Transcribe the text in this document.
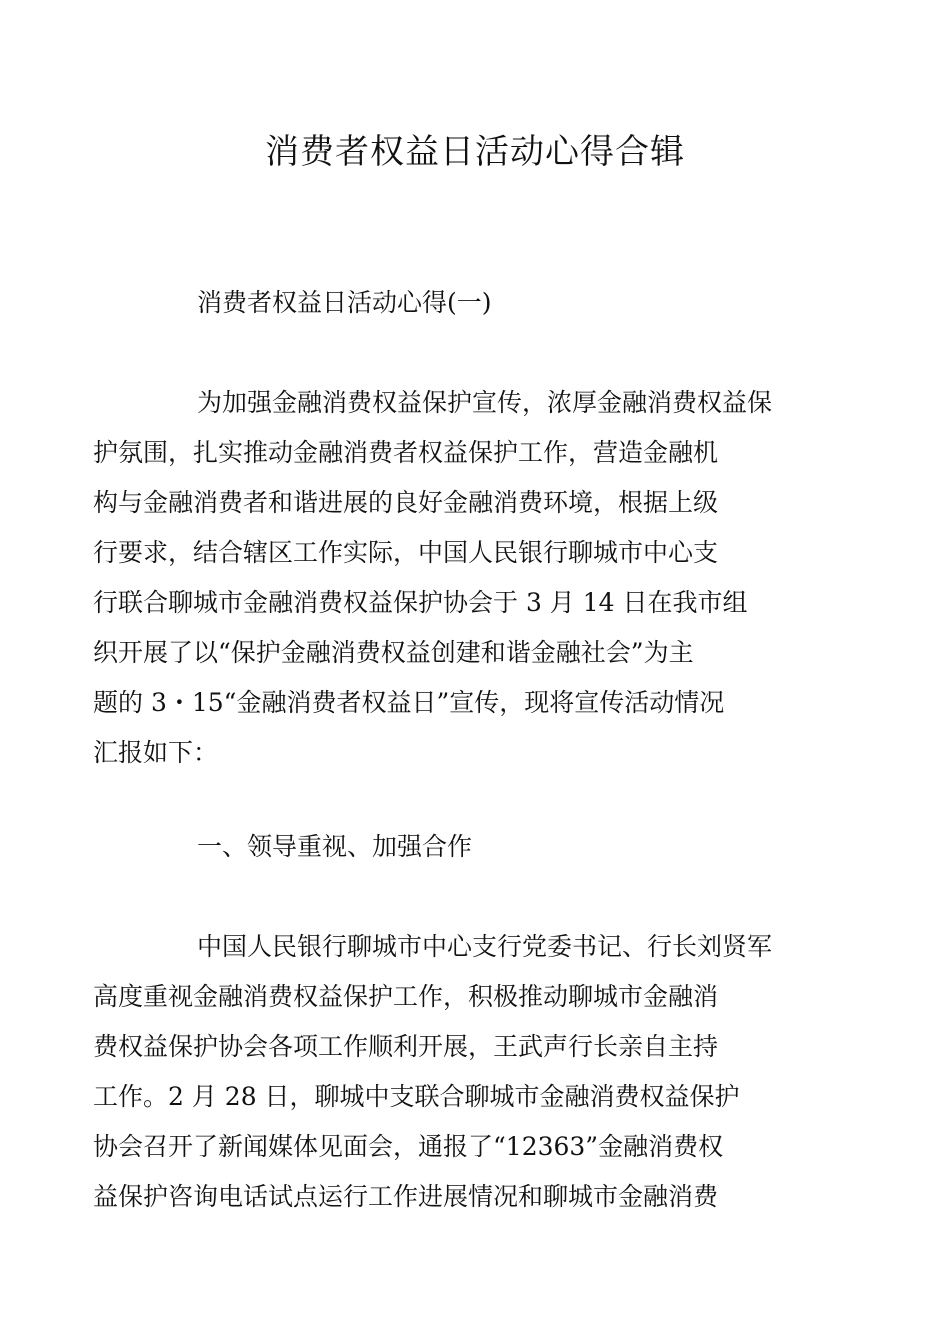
消费者权益日活动心得合辑
消费者权益日活动心得(一)
为加强金融消费权益保护宣传，浓厚金融消费权益保
护氛围，扎实推动金融消费者权益保护工作，营造金融机
构与金融消费者和谐进展的良好金融消费环境，根据上级
行要求，结合辖区工作实际，中国人民银行聊城市中心支
行联合聊城市金融消费权益保护协会于 3 月 14 日在我市组
织开展了以“保护金融消费权益创建和谐金融社会”为主
题的 3・15“金融消费者权益日”宣传，现将宣传活动情况
汇报如下：
一、领导重视、加强合作
中国人民银行聊城市中心支行党委书记、行长刘贤军
高度重视金融消费权益保护工作，积极推动聊城市金融消
费权益保护协会各项工作顺利开展，王武声行长亲自主持
工作。2 月 28 日，聊城中支联合聊城市金融消费权益保护
协会召开了新闻媒体见面会，通报了“12363”金融消费权
益保护咨询电话试点运行工作进展情况和聊城市金融消费
